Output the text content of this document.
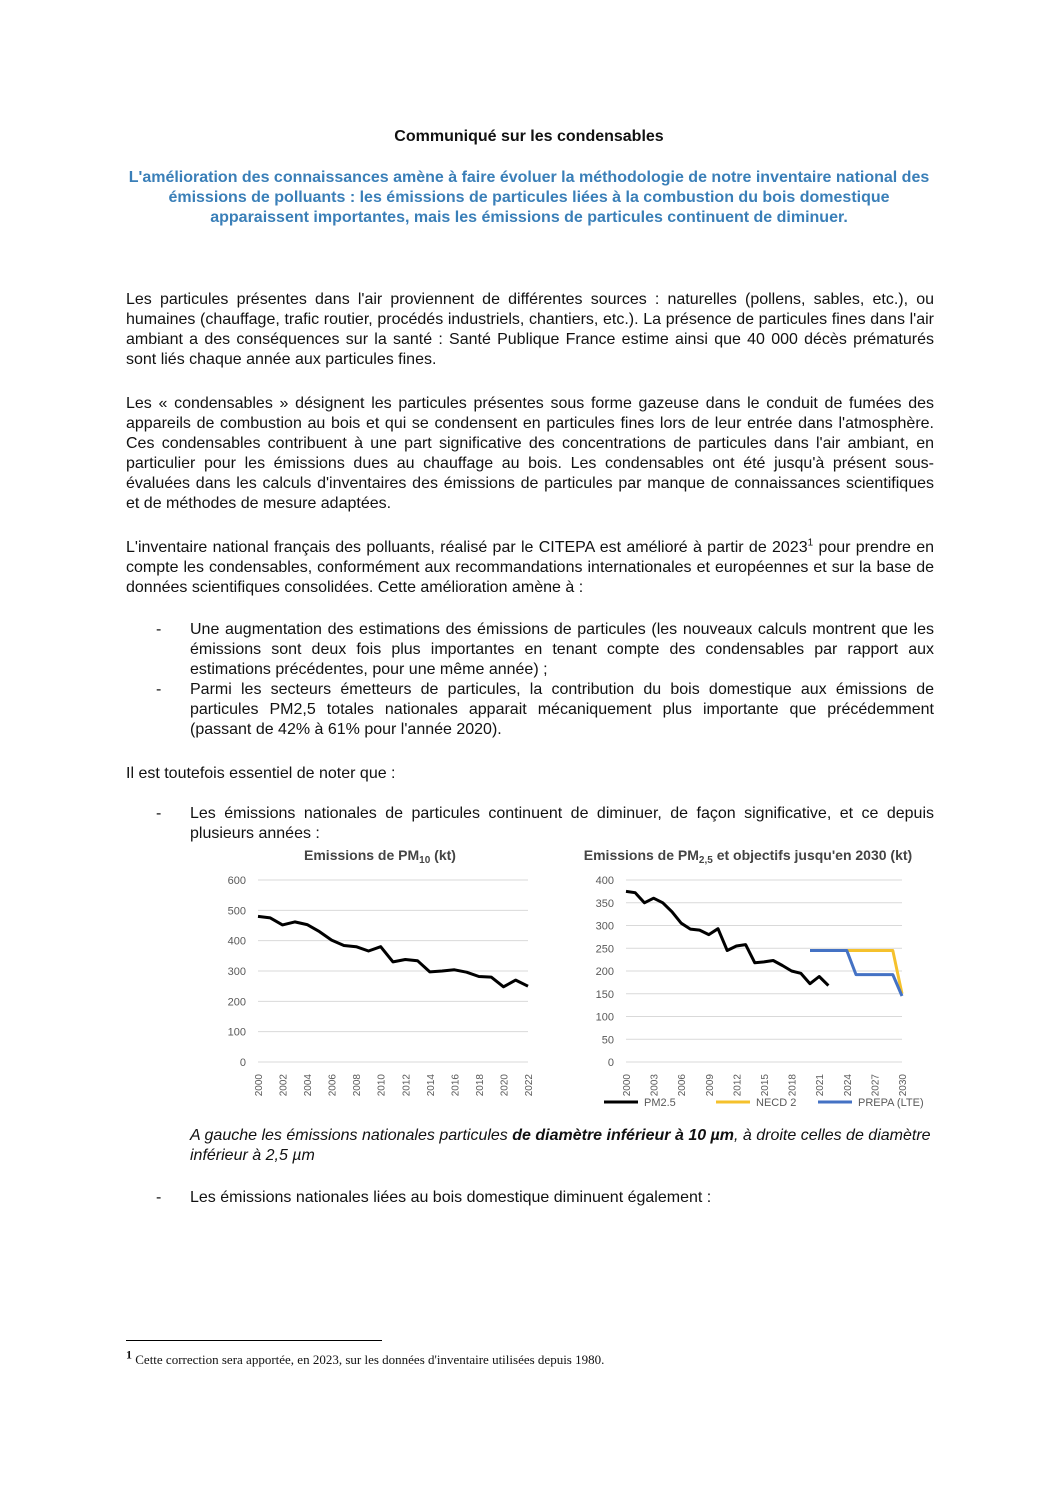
Communiqué sur les condensables
L'amélioration des connaissances amène à faire évoluer la méthodologie de notre inventaire national des émissions de polluants : les émissions de particules liées à la combustion du bois domestique apparaissent importantes, mais les émissions de particules continuent de diminuer.

Les particules présentes dans l'air proviennent de différentes sources : naturelles (pollens, sables, etc.), ou humaines (chauffage, trafic routier, procédés industriels, chantiers, etc.). La présence de particules fines dans l'air ambiant a des conséquences sur la santé : Santé Publique France estime ainsi que 40 000 décès prématurés sont liés chaque année aux particules fines.

Les « condensables » désignent les particules présentes sous forme gazeuse dans le conduit de fumées des appareils de combustion au bois et qui se condensent en particules fines lors de leur entrée dans l'atmosphère. Ces condensables contribuent à une part significative des concentrations de particules dans l'air ambiant, en particulier pour les émissions dues au chauffage au bois. Les condensables ont été jusqu'à présent sous-évaluées dans les calculs d'inventaires des émissions de particules par manque de connaissances scientifiques et de méthodes de mesure adaptées.

L'inventaire national français des polluants, réalisé par le CITEPA est amélioré à partir de 2023$^1$ pour prendre en compte les condensables, conformément aux recommandations internationales et européennes et sur la base de données scientifiques consolidées. Cette amélioration amène à :

- Une augmentation des estimations des émissions de particules (les nouveaux calculs montrent que les émissions sont deux fois plus importantes en tenant compte des condensables par rapport aux estimations précédentes, pour une même année) ;
- Parmi les secteurs émetteurs de particules, la contribution du bois domestique aux émissions de particules PM2,5 totales nationales apparait mécaniquement plus importante que précédemment (passant de 42% à 61% pour l'année 2020).

Il est toutefois essentiel de noter que :

- Les émissions nationales de particules continuent de diminuer, de façon significative, et ce depuis plusieurs années :
Emissions de $PM_{10}$ (kt)
0
100
200
300
400
500
600
2000 2002 2004 2006 2008 2010 2012 2014 2016 2018 2020 2022
Emissions de $PM_{2,5}$ et objectifs jusqu'en 2030 (kt)
0
50
100
150
200
250
300
350
400
2000 2003 2006 2009 2012 2015 2018 2021 2024 2027 2030
PM2.5	NECD 2	PREPA (LTE)
A gauche les émissions nationales particules de diamètre inférieur à 10 µm, à droite celles de diamètre inférieur à 2,5 µm
- Les émissions nationales liées au bois domestique diminuent également :
$^1$ Cette correction sera apportée, en 2023, sur les données d'inventaire utilisées depuis 1980.
